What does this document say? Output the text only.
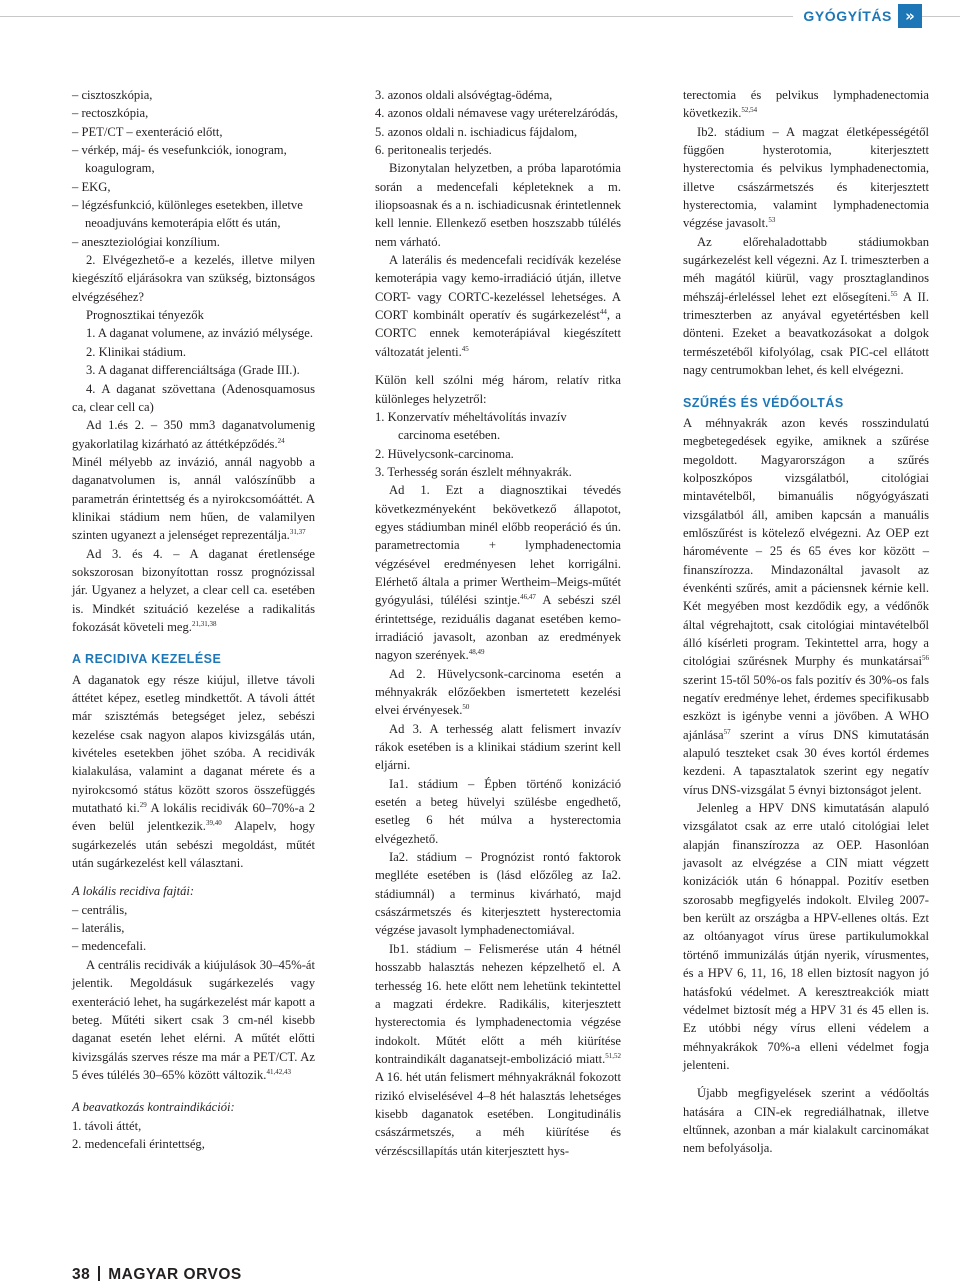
GYÓGYÍTÁS »

– cisztoszkópia,

– rectoszkópia,

– PET/CT – exenteráció előtt,

– vérkép, máj- és vesefunkciók, ionogram, koagulogram,

– EKG,

– légzésfunkció, különleges esetekben, illetve neoadjuváns kemoterápia előtt és után,

– aneszteziológiai konzílium.

2. Elvégezhető-e a kezelés, illetve milyen kiegészítő eljárásokra van szükség, biztonságos elvégzéséhez?

Prognosztikai tényezők

1. A daganat volumene, az invázió mélysége.

2. Klinikai stádium.

3. A daganat differenciáltsága (Grade III.).

4. A daganat szövettana (Adenosquamosus ca, clear cell ca)

Ad 1.és 2. – 350 mm3 daganatvolumenig gyakorlatilag kizárható az áttétképződés.$^{24}$

Minél mélyebb az invázió, annál nagyobb a daganatvolumen is, annál valószínűbb a parametrán érintettség és a nyirokcsomóáttét. A klinikai stádium nem hűen, de valamilyen szinten ugyanezt a jelenséget reprezentálja.$^{31,37}$

Ad 3. és 4. – A daganat éretlensége sokszorosan bizonyítottan rossz prognózissal jár. Ugyanez a helyzet, a clear cell ca. esetében is. Mindkét szituáció kezelése a radikalitás fokozását követeli meg.$^{21,31,38}$

A RECIDIVA KEZELÉSE

A daganatok egy része kiújul, illetve távoli áttétet képez, esetleg mindkettőt. A távoli áttét már szisztémás betegséget jelez, sebészi kezelése csak nagyon alapos kivizsgálás után, kivételes esetekben jöhet szóba. A recidivák kialakulása, valamint a daganat mérete és a nyirokcsomó státus között szoros összefüggés mutatható ki.$^{29}$ A lokális recidivák 60–70%-a 2 éven belül jelentkezik.$^{39,40}$ Alapelv, hogy sugárkezelés után sebészi megoldást, műtét után sugárkezelést kell választani.

A lokális recidiva fajtái:

– centrális,

– laterális,

– medencefali.

A centrális recidivák a kiújulások 30–45%-át jelentik. Megoldásuk sugárkezelés vagy exenteráció lehet, ha sugárkezelést már kapott a beteg. Műtéti sikert csak 3 cm-nél kisebb daganat esetén lehet elérni. A műtét előtti kivizsgálás szerves része ma már a PET/CT. Az 5 éves túlélés 30–65% között változik.$^{41,42,43}$

A beavatkozás kontraindikációi:

1. távoli áttét,

2. medencefali érintettség,

3. azonos oldali alsóvégtag-ödéma,

4. azonos oldali némavese vagy uréterelzáródás,

5. azonos oldali n. ischiadicus fájdalom,

6. peritonealis terjedés.

Bizonytalan helyzetben, a próba laparotómia során a medencefali képleteknek a m. iliopsoasnak és a n. ischiadicusnak érintetlennek kell lennie. Ellenkező esetben hoszszabb túlélés nem várható.

A laterális és medencefali recidívák kezelése kemoterápia vagy kemo-irradiáció útján, illetve CORT- vagy CORTC-kezeléssel lehetséges. A CORT kombinált operatív és sugárkezelést$^{44}$, a CORTC ennek kemoterápiával kiegészített változatát jelenti.$^{45}$

Külön kell szólni még három, relatív ritka különleges helyzetről:

1. Konzervatív méheltávolítás invazív carcinoma esetében.

2. Hüvelycsonk-carcinoma.

3. Terhesség során észlelt méhnyakrák.

Ad 1. Ezt a diagnosztikai tévedés következményeként bekövetkező állapotot, egyes stádiumban minél előbb reoperáció és ún. parametrectomia + lymphadenectomia végzésével eredményesen lehet korrigálni. Elérhető általa a primer Wertheim–Meigs-műtét gyógyulási, túlélési szintje.$^{46,47}$ A sebészi szél érintettsége, reziduális daganat esetében kemo-irradiáció javasolt, azonban az eredmények nagyon szerények.$^{48,49}$

Ad 2. Hüvelycsonk-carcinoma esetén a méhnyakrák előzőekben ismertetett kezelési elvei érvényesek.$^{50}$

Ad 3. A terhesség alatt felismert invazív rákok esetében is a klinikai stádium szerint kell eljárni.

Ia1. stádium – Épben történő konizáció esetén a beteg hüvelyi szülésbe engedhető, esetleg 6 hét múlva a hysterectomia elvégezhető.

Ia2. stádium – Prognózist rontó faktorok meglléte esetében is (lásd előzőleg az Ia2. stádiumnál) a terminus kivárható, majd császármetszés és kiterjesztett hysterectomia végzése javasolt lymphadenectomiával.

Ib1. stádium – Felismerése után 4 hétnél hosszabb halasztás nehezen képzelhető el. A terhesség 16. hete előtt nem lehetünk tekintettel a magzati érdekre. Radikális, kiterjesztett hysterectomia és lymphadenectomia végzése indokolt. Műtét előtt a méh kiürítése kontraindikált daganatsejt-embolizáció miatt.$^{51,52}$ A 16. hét után felismert méhnyakráknál fokozott rizikó elviselésével 4–8 hét halasztás lehetséges kisebb daganatok esetében. Longitudinális császármetszés, a méh kiürítése és vérzéscsillapítás után kiterjesztett hys-

terectomia és pelvikus lymphadenectomia következik.$^{52,54}$

Ib2. stádium – A magzat életképességétől függően hysterotomia, kiterjesztett hysterectomia és pelvikus lymphadenectomia, illetve császármetszés és kiterjesztett hysterectomia, valamint lymphadenectomia végzése javasolt.$^{53}$

Az előrehaladottabb stádiumokban sugárkezelést kell végezni. Az I. trimeszterben a méh magától kiürül, vagy prosztaglandinos méhszáj-érleléssel lehet ezt elősegíteni.$^{55}$ A II. trimeszterben az anyával egyetértésben kell dönteni. Ezeket a beavatkozásokat a dolgok természetéből kifolyólag, csak PIC-cel ellátott nagy centrumokban lehet, és kell elvégezni.

SZŰRÉS ÉS VÉDŐOLTÁS

A méhnyakrák azon kevés rosszindulatú megbetegedések egyike, amiknek a szűrése megoldott. Magyarországon a szűrés kolposzkópos vizsgálatból, citológiai mintavételből, bimanuális nőgyógyászati vizsgálatból áll, amiben kapcsán a manuális emlőszűrést is kötelező elvégezni. Az OEP ezt háromévente – 25 és 65 éves kor között – finanszírozza. Mindazonáltal javasolt az évenkénti szűrés, amit a páciensnek kérnie kell. Két megyében most kezdődik egy, a védőnők által végrehajtott, csak citológiai mintavételből álló kísérleti program. Tekintettel arra, hogy a citológiai szűrésnek Murphy és munkatársai$^{56}$ szerint 15-től 50%-os fals pozitív és 30%-os fals negatív eredménye lehet, érdemes specifikusabb eszközt is igénybe venni a jövőben. A WHO ajánlása$^{57}$ szerint a vírus DNS kimutatásán alapuló teszteket csak 30 éves kortól érdemes kezdeni. A tapasztalatok szerint egy negatív vírus DNS-vizsgálat 5 évnyi biztonságot jelent.

Jelenleg a HPV DNS kimutatásán alapuló vizsgálatot csak az erre utaló citológiai lelet alapján finanszírozza az OEP. Hasonlóan javasolt az elvégzése a CIN miatt végzett konizációk után 6 hónappal. Pozitív esetben szorosabb megfigyelés indokolt. Elvileg 2007-ben került az országba a HPV-ellenes oltás. Ezt az oltóanyagot vírus ürese partikulumokkal történő immunizálás útján nyerik, vírusmentes, és a HPV 6, 11, 16, 18 ellen biztosít nagyon jó hatásfokú védelmet. A keresztreakciók miatt védelmet biztosít még a HPV 31 és 45 ellen is. Ez utóbbi négy vírus elleni védelem a méhnyakrákok 70%-a elleni védelmet fogja jelenteni.

Újabb megfigyelések szerint a védőoltás hatására a CIN-ek regrediálhatnak, illetve eltűnnek, azonban a már kialakult carcinomákat nem befolyásolja.

38 MAGYAR ORVOS
